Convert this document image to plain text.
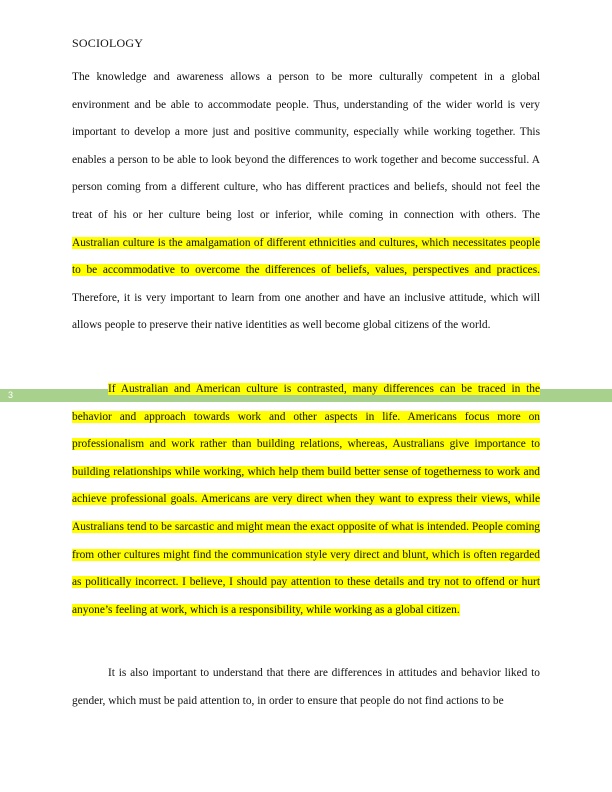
SOCIOLOGY
3

The knowledge and awareness allows a person to be more culturally competent in a global environment and be able to accommodate people. Thus, understanding of the wider world is very important to develop a more just and positive community, especially while working together. This enables a person to be able to look beyond the differences to work together and become successful. A person coming from a different culture, who has different practices and beliefs, should not feel the treat of his or her culture being lost or inferior, while coming in connection with others. The Australian culture is the amalgamation of different ethnicities and cultures, which necessitates people to be accommodative to overcome the differences of beliefs, values, perspectives and practices. Therefore, it is very important to learn from one another and have an inclusive attitude, which will allows people to preserve their native identities as well become global citizens of the world.

If Australian and American culture is contrasted, many differences can be traced in the behavior and approach towards work and other aspects in life. Americans focus more on professionalism and work rather than building relations, whereas, Australians give importance to building relationships while working, which help them build better sense of togetherness to work and achieve professional goals. Americans are very direct when they want to express their views, while Australians tend to be sarcastic and might mean the exact opposite of what is intended. People coming from other cultures might find the communication style very direct and blunt, which is often regarded as politically incorrect. I believe, I should pay attention to these details and try not to offend or hurt anyone’s feeling at work, which is a responsibility, while working as a global citizen.

It is also important to understand that there are differences in attitudes and behavior liked to gender, which must be paid attention to, in order to ensure that people do not find actions to be
